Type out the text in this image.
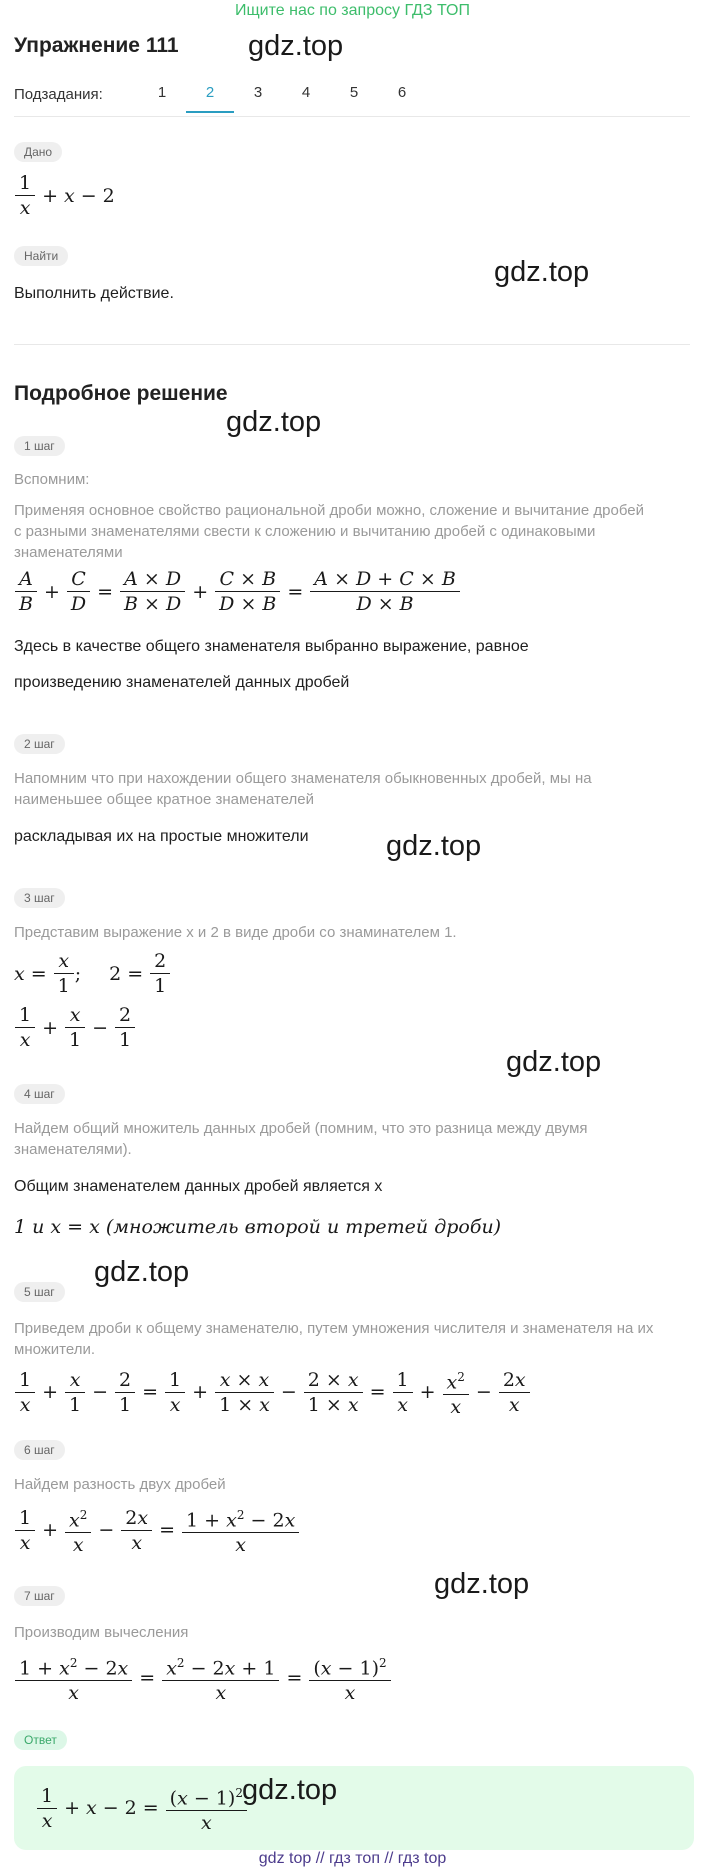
Ищите нас по запросу ГДЗ ТОП
Упражнение 111 gdz.top
Подзадания:	1	2	3	4	5	6
Дано
$\frac{1}{x} + x - 2$
Найти
Выполнить действие.
gdz.top
Подробное решение
gdz.top
1 шаг
Вспомним:
Применяя основное свойство рациональной дроби можно, сложение и вычитание дробей с разными знаменателями свести к сложению и вычитанию дробей с одинаковыми знаменателями
$\frac{A}{B} + \frac{C}{D} = \frac{A \times D}{B \times D} + \frac{C \times B}{D \times B} = \frac{A \times D + C \times B}{D \times B}$
Здесь в качестве общего знаменателя выбранно выражение, равное
произведению знаменателей данных дробей
2 шаг
Напомним что при нахождении общего знаменателя обыкновенных дробей, мы на наименьшее общее кратное знаменателей
раскладывая их на простые множители	gdz.top
3 шаг
Представим выражение x и 2 в виде дроби со знаминателем 1.
$x = \frac{x}{1}$ ;
$2 = \frac{2}{1}$
$\frac{1}{x} + \frac{x}{1} - \frac{2}{1}$
gdz.top
4 шаг
Найдем общий множитель данных дробей (помним, что это разница между двумя знаменателями).
Общим знаменателем данных дробей является x
1 и x = x (множитель второй и третей дроби)
gdz.top
5 шаг
Приведем дроби к общему знаменателю, путем умножения числителя и знаменателя на их множители.
$\frac{1}{x} + \frac{x}{1} - \frac{2}{1} = \frac{1}{x} + \frac{x \times x}{1 \times x} - \frac{2 \times x}{1 \times x} = \frac{1}{x} + \frac{x^2}{x} - \frac{2x}{x}$
6 шаг
Найдем разность двух дробей
$\frac{1}{x} + \frac{x^2}{x} - \frac{2x}{x} = \frac{1 + x^2 - 2x}{x}$
gdz.top
7 шаг
Производим вычесления
$\frac{1 + x^2 - 2x}{x} = \frac{x^2 - 2x + 1}{x} = \frac{(x - 1)^2}{x}$
Ответ
$\frac{1}{x} + x - 2 = \frac{(x - 1)^2}{x}$
gdz.top
gdz top // гдз топ // гдз top
